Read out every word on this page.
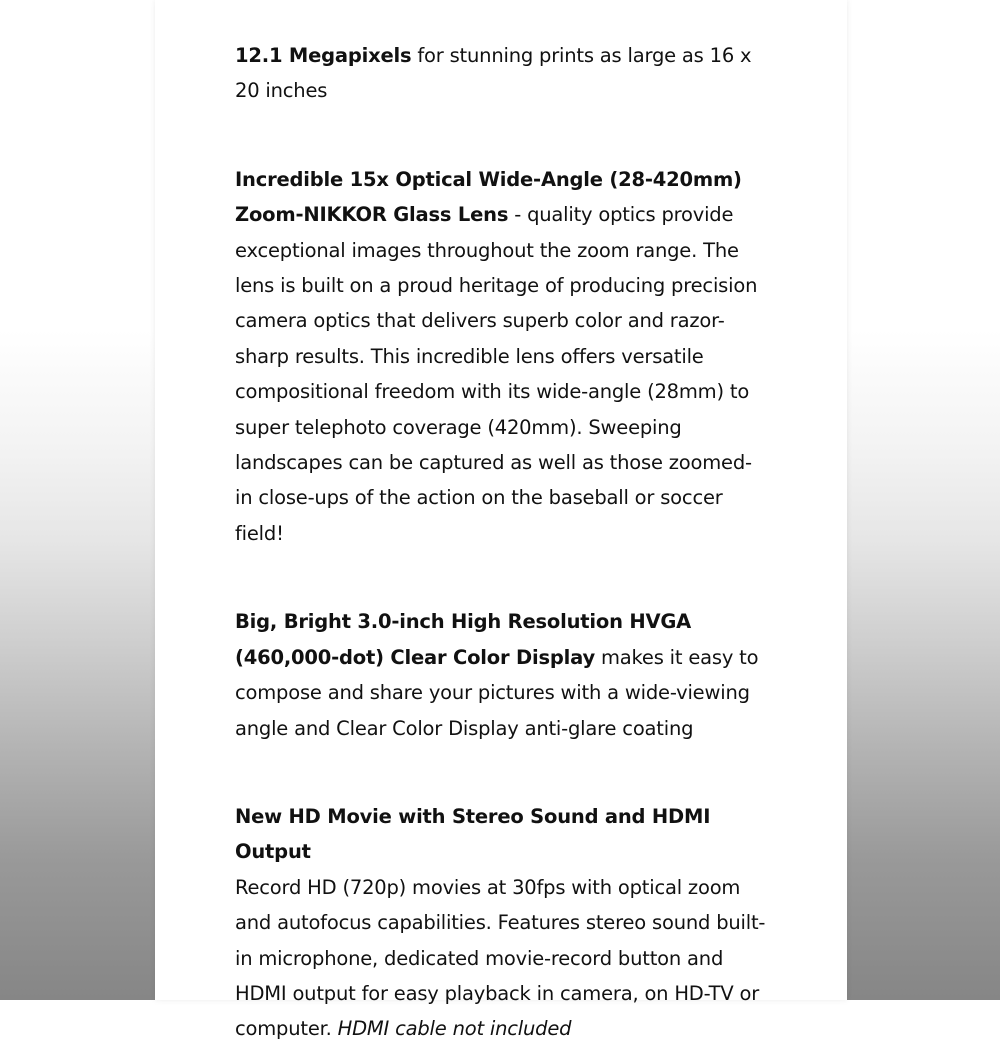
12.1 Megapixels for stunning prints as large as 16 x 20 inches

Incredible 15x Optical Wide-Angle (28-420mm) Zoom-NIKKOR Glass Lens - quality optics provide exceptional images throughout the zoom range. The lens is built on a proud heritage of producing precision camera optics that delivers superb color and razor-sharp results. This incredible lens offers versatile compositional freedom with its wide-angle (28mm) to super telephoto coverage (420mm). Sweeping landscapes can be captured as well as those zoomed-in close-ups of the action on the baseball or soccer field!

Big, Bright 3.0-inch High Resolution HVGA (460,000-dot) Clear Color Display makes it easy to compose and share your pictures with a wide-viewing angle and Clear Color Display anti-glare coating

New HD Movie with Stereo Sound and HDMI Output
Record HD (720p) movies at 30fps with optical zoom and autofocus capabilities. Features stereo sound built-in microphone, dedicated movie-record button and HDMI output for easy playback in camera, on HD-TV or computer. HDMI cable not included
